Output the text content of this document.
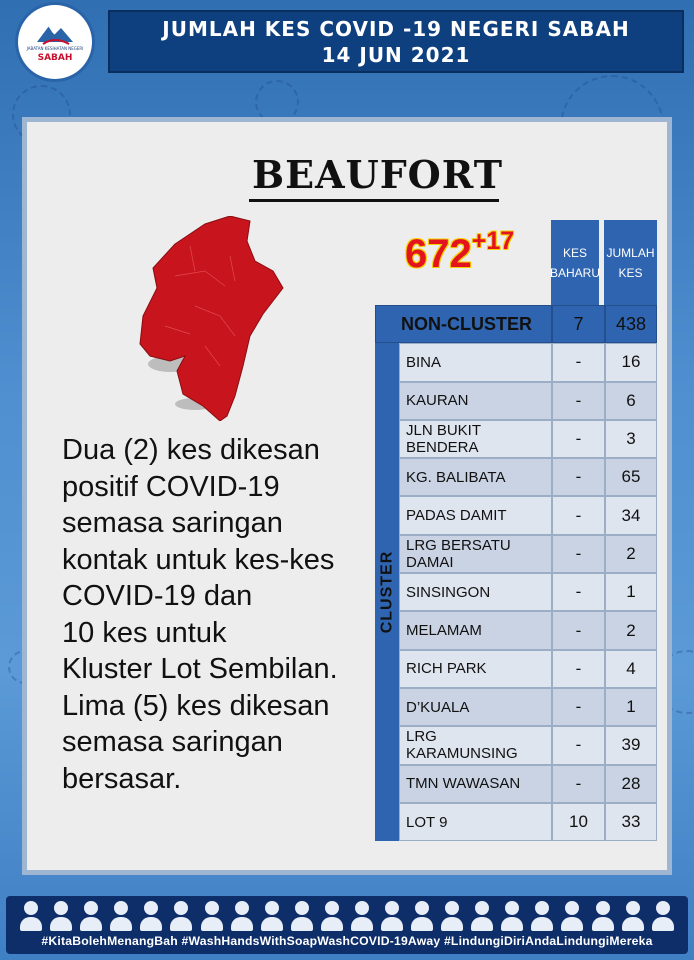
JABATAN KESIHATAN NEGERI
SABAH
JUMLAH KES COVID -19 NEGERI SABAH
14 JUN 2021
BEAUFORT
$672^{+17}$
Dua (2) kes dikesan
positif COVID-19
semasa saringan
kontak untuk kes-kes
COVID-19 dan
10 kes untuk
Kluster Lot Sembilan.
Lima (5) kes dikesan
semasa saringan
bersasar.
KES BAHARU
JUMLAH KES
NON-CLUSTER	7	438
CLUSTER
BINA	-	16
KAURAN	-	6
JLN BUKIT BENDERA	-	3
KG. BALIBATA	-	65
PADAS DAMIT	-	34
LRG BERSATU DAMAI	-	2
SINSINGON	-	1
MELAMAM	-	2
RICH PARK	-	4
D’KUALA	-	1
LRG KARAMUNSING	-	39
TMN WAWASAN	-	28
LOT 9	10	33
#KitaBolehMenangBah #WashHandsWithSoapWashCOVID-19Away #LindungiDiriAndaLindungiMereka
